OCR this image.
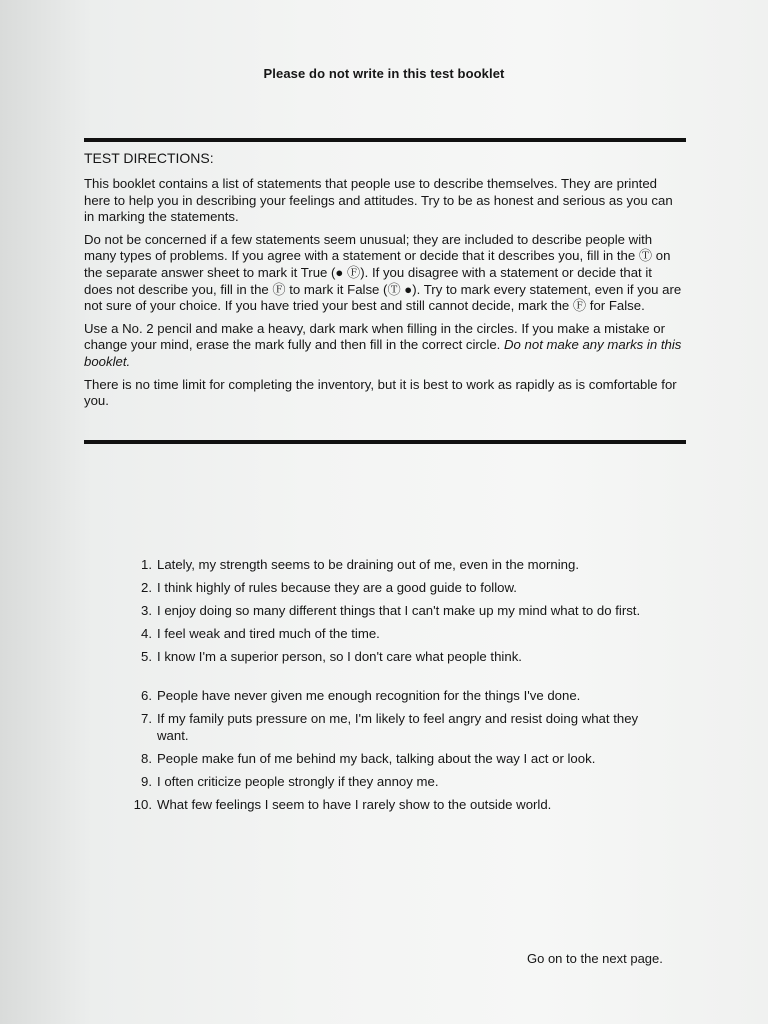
Please do not write in this test booklet
TEST DIRECTIONS:

This booklet contains a list of statements that people use to describe themselves. They are printed here to help you in describing your feelings and attitudes. Try to be as honest and serious as you can in marking the statements.

Do not be concerned if a few statements seem unusual; they are included to describe people with many types of problems. If you agree with a statement or decide that it describes you, fill in the Ⓣ on the separate answer sheet to mark it True (● Ⓕ). If you disagree with a statement or decide that it does not describe you, fill in the Ⓕ to mark it False (Ⓣ ●). Try to mark every statement, even if you are not sure of your choice. If you have tried your best and still cannot decide, mark the Ⓕ for False.

Use a No. 2 pencil and make a heavy, dark mark when filling in the circles. If you make a mistake or change your mind, erase the mark fully and then fill in the correct circle. Do not make any marks in this booklet.

There is no time limit for completing the inventory, but it is best to work as rapidly as is comfortable for you.

1. Lately, my strength seems to be draining out of me, even in the morning.
2. I think highly of rules because they are a good guide to follow.
3. I enjoy doing so many different things that I can't make up my mind what to do first.
4. I feel weak and tired much of the time.
5. I know I'm a superior person, so I don't care what people think.
6. People have never given me enough recognition for the things I've done.
7. If my family puts pressure on me, I'm likely to feel angry and resist doing what they want.
8. People make fun of me behind my back, talking about the way I act or look.
9. I often criticize people strongly if they annoy me.
10. What few feelings I seem to have I rarely show to the outside world.
Go on to the next page.
